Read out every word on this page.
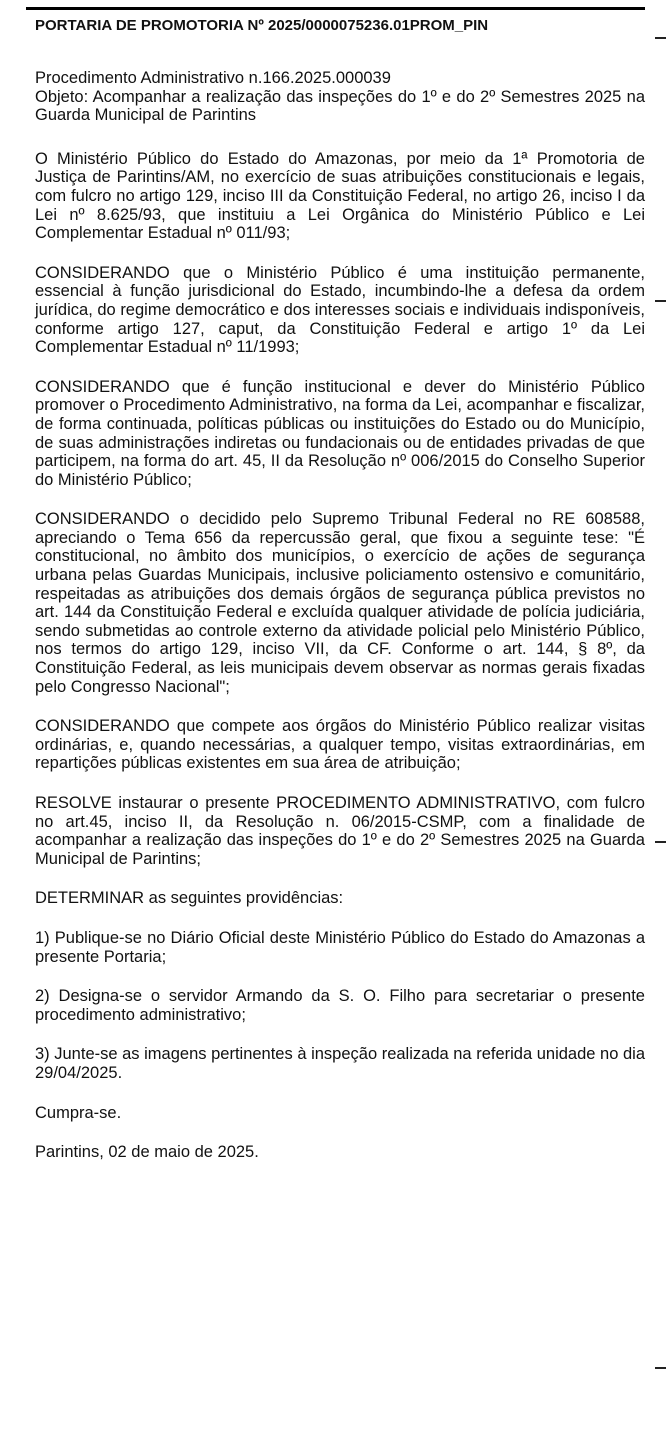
PORTARIA DE PROMOTORIA Nº 2025/0000075236.01PROM_PIN

Procedimento Administrativo n.166.2025.000039

Objeto: Acompanhar a realização das inspeções do 1º e do 2º Semestres 2025 na Guarda Municipal de Parintins

O Ministério Público do Estado do Amazonas, por meio da 1ª Promotoria de Justiça de Parintins/AM, no exercício de suas atribuições constitucionais e legais, com fulcro no artigo 129, inciso III da Constituição Federal, no artigo 26, inciso I da Lei nº 8.625/93, que instituiu a Lei Orgânica do Ministério Público e Lei Complementar Estadual nº 011/93;

CONSIDERANDO que o Ministério Público é uma instituição permanente, essencial à função jurisdicional do Estado, incumbindo-lhe a defesa da ordem jurídica, do regime democrático e dos interesses sociais e individuais indisponíveis, conforme artigo 127, caput, da Constituição Federal e artigo 1º da Lei Complementar Estadual nº 11/1993;

CONSIDERANDO que é função institucional e dever do Ministério Público promover o Procedimento Administrativo, na forma da Lei, acompanhar e fiscalizar, de forma continuada, políticas públicas ou instituições do Estado ou do Município, de suas administrações indiretas ou fundacionais ou de entidades privadas de que participem, na forma do art. 45, II da Resolução nº 006/2015 do Conselho Superior do Ministério Público;

CONSIDERANDO o decidido pelo Supremo Tribunal Federal no RE 608588, apreciando o Tema 656 da repercussão geral, que fixou a seguinte tese: "É constitucional, no âmbito dos municípios, o exercício de ações de segurança urbana pelas Guardas Municipais, inclusive policiamento ostensivo e comunitário, respeitadas as atribuições dos demais órgãos de segurança pública previstos no art. 144 da Constituição Federal e excluída qualquer atividade de polícia judiciária, sendo submetidas ao controle externo da atividade policial pelo Ministério Público, nos termos do artigo 129, inciso VII, da CF. Conforme o art. 144, § 8º, da Constituição Federal, as leis municipais devem observar as normas gerais fixadas pelo Congresso Nacional";

CONSIDERANDO que compete aos órgãos do Ministério Público realizar visitas ordinárias, e, quando necessárias, a qualquer tempo, visitas extraordinárias, em repartições públicas existentes em sua área de atribuição;

RESOLVE instaurar o presente PROCEDIMENTO ADMINISTRATIVO, com fulcro no art.45, inciso II, da Resolução n. 06/2015-CSMP, com a finalidade de acompanhar a realização das inspeções do 1º e do 2º Semestres 2025 na Guarda Municipal de Parintins;

DETERMINAR as seguintes providências:

1) Publique-se no Diário Oficial deste Ministério Público do Estado do Amazonas a presente Portaria;

2) Designa-se o servidor Armando da S. O. Filho para secretariar o presente procedimento administrativo;

3) Junte-se as imagens pertinentes à inspeção realizada na referida unidade no dia 29/04/2025.

Cumpra-se.

Parintins, 02 de maio de 2025.
